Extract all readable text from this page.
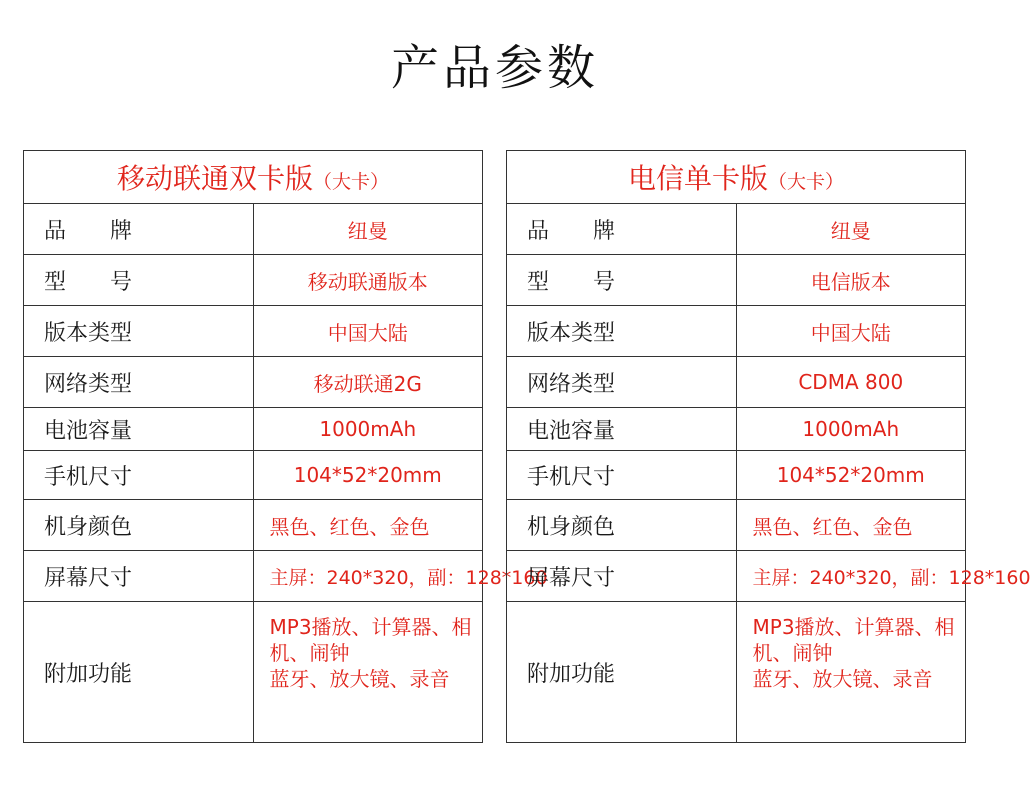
产品参数
移动联通双卡版（大卡）	
品　　牌	纽曼
型　　号	移动联通版本
版本类型	中国大陆
网络类型	移动联通2G
电池容量	1000mAh
手机尺寸	104*52*20mm
机身颜色	黑色、红色、金色
屏幕尺寸	主屏：240*320，副：128*160
附加功能	MP3播放、计算器、相机、闹钟
蓝牙、放大镜、录音
电信单卡版（大卡）	
品　　牌	纽曼
型　　号	电信版本
版本类型	中国大陆
网络类型	CDMA 800
电池容量	1000mAh
手机尺寸	104*52*20mm
机身颜色	黑色、红色、金色
屏幕尺寸	主屏：240*320，副：128*160
附加功能	MP3播放、计算器、相机、闹钟
蓝牙、放大镜、录音
